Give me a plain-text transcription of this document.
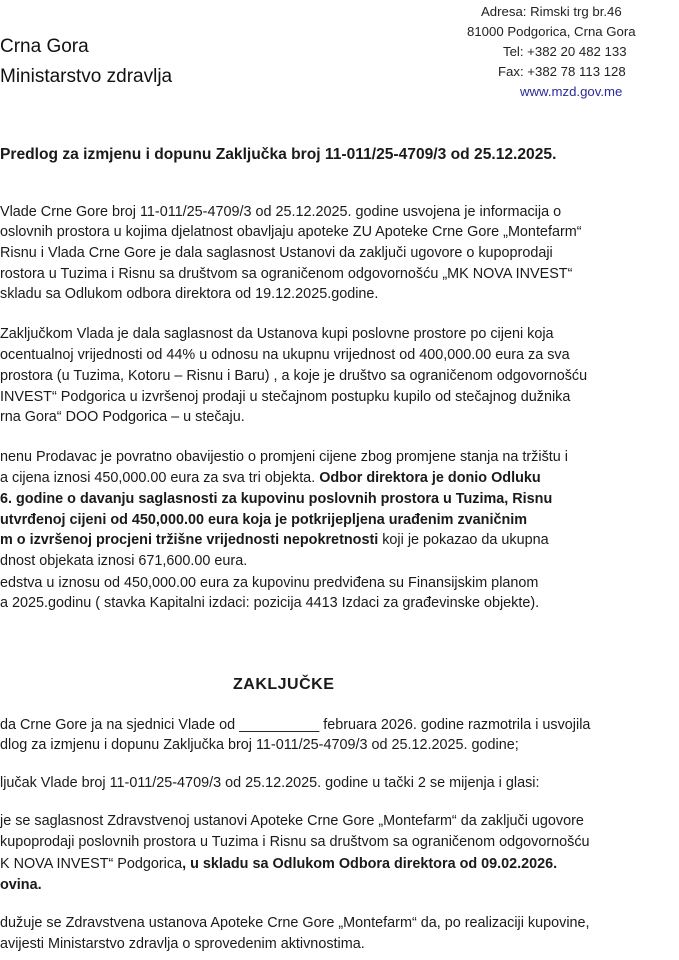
Crna Gora
Ministarstvo zdravlja
Adresa: Rimski trg br.46
81000 Podgorica, Crna Gora
Tel: +382 20 482 133
Fax: +382 78 113 128
www.mzd.gov.me
Predlog za izmjenu i dopunu Zaključka broj 11-011/25-4709/3 od 25.12.2025.
Vlade Crne Gore broj 11-011/25-4709/3 od 25.12.2025. godine usvojena je informacija o
oslovnih prostora u kojima djelatnost obavljaju apoteke ZU Apoteke Crne Gore „Montefarm“
Risnu i Vlada Crne Gore je dala saglasnost Ustanovi da zaključi ugovore o kupoprodaji
rostora u Tuzima i Risnu sa društvom sa ograničenom odgovornošću „MK NOVA INVEST“
skladu sa Odlukom odbora direktora od 19.12.2025.godine.
Zaključkom Vlada je dala saglasnost da Ustanova kupi poslovne prostore po cijeni koja
ocentualnoj vrijednosti od 44% u odnosu na ukupnu vrijednost od 400,000.00 eura za sva
prostora (u Tuzima, Kotoru – Risnu i Baru) , a koje je društvo sa ograničenom odgovornošću
INVEST“ Podgorica u izvršenoj prodaji u stečajnom postupku kupilo od stečajnog dužnika
rna Gora“ DOO Podgorica – u stečaju.
nenu Prodavac je povratno obavijestio o promjeni cijene zbog promjene stanja na tržištu i
a cijena iznosi 450,000.00 eura za sva tri objekta. Odbor direktora je donio Odluku
6. godine o davanju saglasnosti za kupovinu poslovnih prostora u Tuzima, Risnu
utvrđenoj cijeni od 450,000.00 eura koja je potkrijepljena urađenim zvaničnim
m o izvršenoj procjeni tržišne vrijednosti nepokretnosti koji je pokazao da ukupna
dnost objekata iznosi 671,600.00 eura.
edstva u iznosu od 450,000.00 eura za kupovinu predviđena su Finansijskim planom
a 2025.godinu ( stavka Kapitalni izdaci: pozicija 4413 Izdaci za građevinske objekte).
ZAKLJUČKE
da Crne Gore ja na sjednici Vlade od __________ februara 2026. godine razmotrila i usvojila
dlog za izmjenu i dopunu Zaključka broj 11-011/25-4709/3 od 25.12.2025. godine;
ljučak Vlade broj 11-011/25-4709/3 od 25.12.2025. godine u tački 2 se mijenja i glasi:
je se saglasnost Zdravstvenoj ustanovi Apoteke Crne Gore „Montefarm“ da zaključi ugovore
kupoprodaji poslovnih prostora u Tuzima i Risnu sa društvom sa ograničenom odgovornošću
K NOVA INVEST“ Podgorica, u skladu sa Odlukom Odbora direktora od 09.02.2026.
ovina.
dužuje se Zdravstvena ustanova Apoteke Crne Gore „Montefarm“ da, po realizaciji kupovine,
avijesti Ministarstvo zdravlja o sprovedenim aktivnostima.
